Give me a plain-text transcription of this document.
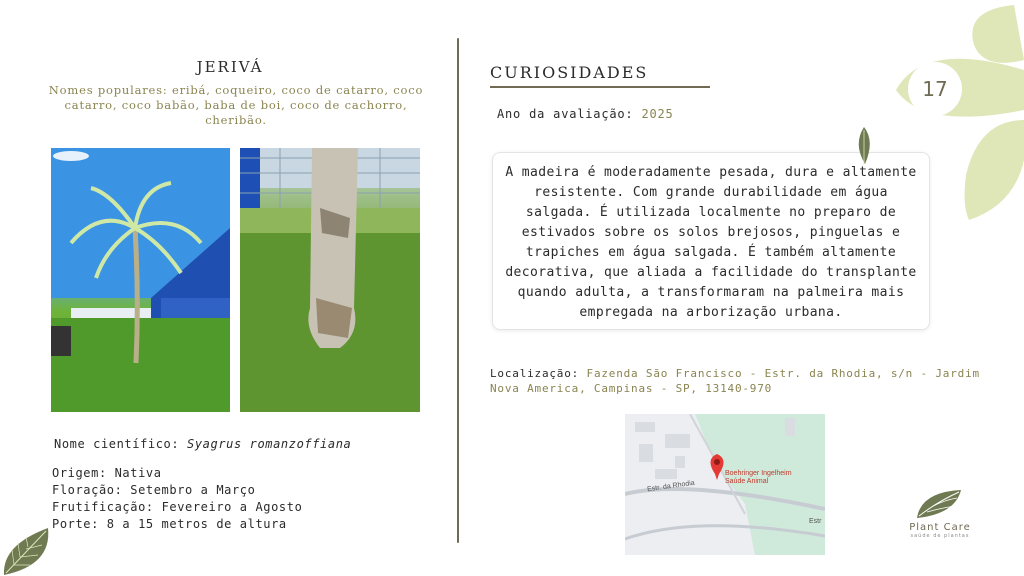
JERIVÁ
Nomes populares: eribá, coqueiro, coco de catarro, coco catarro, coco babão, baba de boi, coco de cachorro, cheribão.
Nome científico: Syagrus romanzoffiana
Origem: Nativa
Floração: Setembro a Março
Frutificação: Fevereiro a Agosto
Porte: 8 a 15 metros de altura
CURIOSIDADES
Ano da avaliação: 2025
A madeira é moderadamente pesada, dura e altamente resistente. Com grande durabilidade em água salgada. É utilizada localmente no preparo de estivados sobre os solos brejosos, pinguelas e trapiches em água salgada. É também altamente decorativa, que aliada a facilidade do transplante quando adulta, a transformaram na palmeira mais empregada na arborização urbana.
Localização: Fazenda São Francisco - Estr. da Rhodia, s/n - Jardim Nova America, Campinas - SP, 13140-970
Boehringer Ingelheim
Saúde Animal
Estr. da Rhodia
Estr
17
Plant Care
saúde de plantas
